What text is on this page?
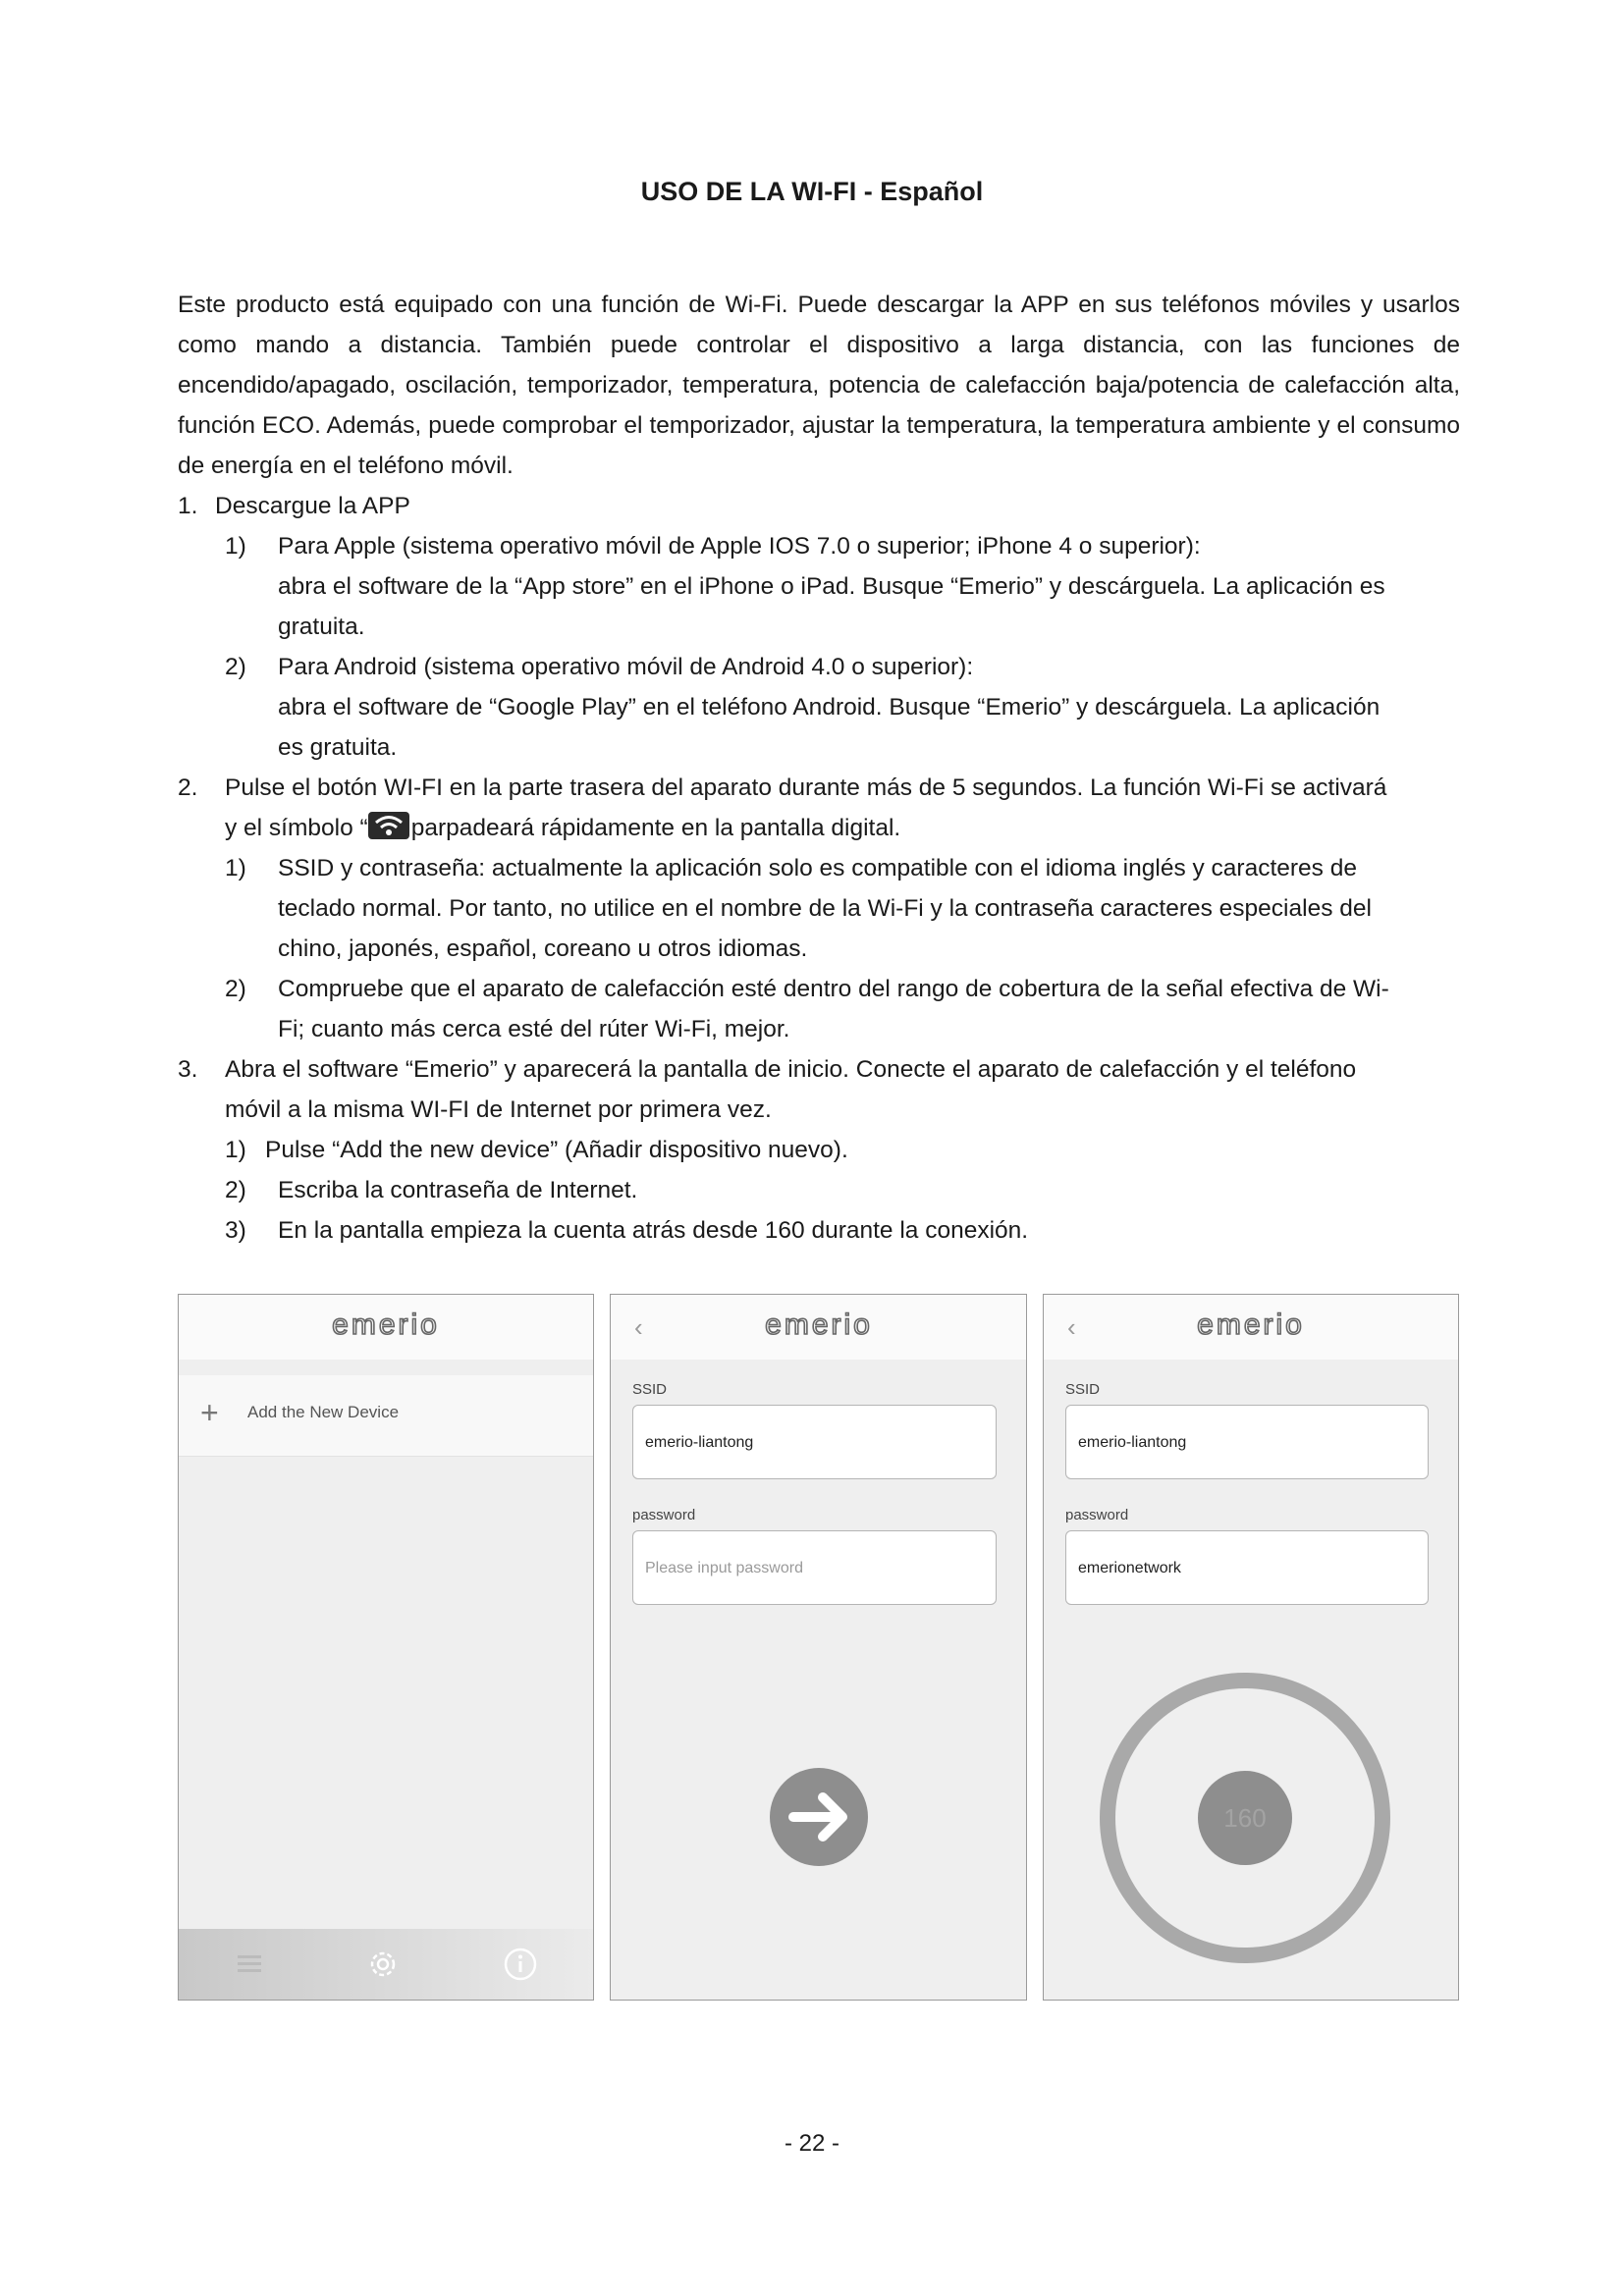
USO DE LA WI-FI - Español
Este producto está equipado con una función de Wi-Fi. Puede descargar la APP en sus teléfonos móviles y usarlos como mando a distancia. También puede controlar el dispositivo a larga distancia, con las funciones de encendido/apagado, oscilación, temporizador, temperatura, potencia de calefacción baja/potencia de calefacción alta, función ECO. Además, puede comprobar el temporizador, ajustar la temperatura, la temperatura ambiente y el consumo de energía en el teléfono móvil.
1. Descargue la APP
1) Para Apple (sistema operativo móvil de Apple IOS 7.0 o superior; iPhone 4 o superior):
abra el software de la “App store” en el iPhone o iPad. Busque “Emerio” y descárguela. La aplicación es
gratuita.
2) Para Android (sistema operativo móvil de Android 4.0 o superior):
abra el software de “Google Play” en el teléfono Android. Busque “Emerio” y descárguela. La aplicación
es gratuita.
2. Pulse el botón WI-FI en la parte trasera del aparato durante más de 5 segundos. La función Wi-Fi se activará
y el símbolo “ parpadeará rápidamente en la pantalla digital.
1) SSID y contraseña: actualmente la aplicación solo es compatible con el idioma inglés y caracteres de
teclado normal. Por tanto, no utilice en el nombre de la Wi-Fi y la contraseña caracteres especiales del
chino, japonés, español, coreano u otros idiomas.
2) Compruebe que el aparato de calefacción esté dentro del rango de cobertura de la señal efectiva de Wi-
Fi; cuanto más cerca esté del rúter Wi-Fi, mejor.
3. Abra el software “Emerio” y aparecerá la pantalla de inicio. Conecte el aparato de calefacción y el teléfono
móvil a la misma WI-FI de Internet por primera vez.
1) Pulse “Add the new device” (Añadir dispositivo nuevo).
2) Escriba la contraseña de Internet.
3) En la pantalla empieza la cuenta atrás desde 160 durante la conexión.
emerio
+ Add the New Device
‹	emerio
SSID
emerio-liantong
password
Please input password
‹	emerio
SSID
emerio-liantong
password
emerionetwork
160
- 22 -
